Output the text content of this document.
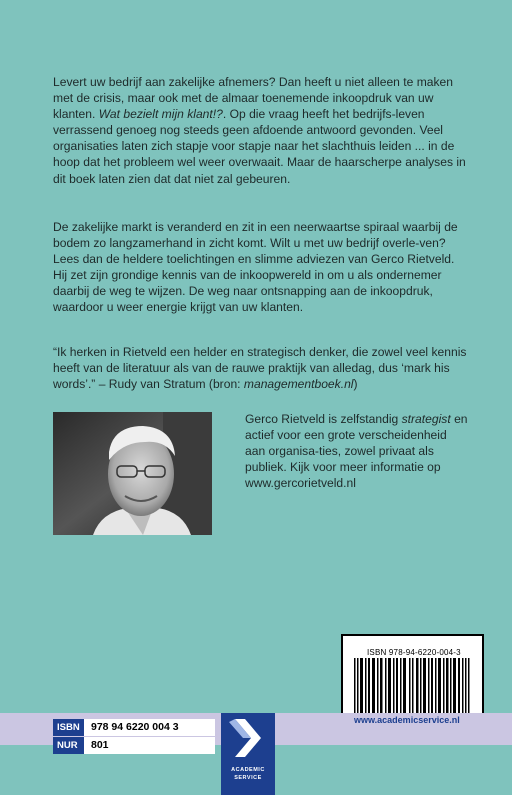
Levert uw bedrijf aan zakelijke afnemers? Dan heeft u niet alleen te maken met de crisis, maar ook met de almaar toenemende inkoopdruk van uw klanten. Wat bezielt mijn klant!?. Op die vraag heeft het bedrijfs-leven verrassend genoeg nog steeds geen afdoende antwoord gevonden. Veel organisaties laten zich stapje voor stapje naar het slachthuis leiden ... in de hoop dat het probleem wel weer overwaait. Maar de haarscherpe analyses in dit boek laten zien dat dat niet zal gebeuren.

De zakelijke markt is veranderd en zit in een neerwaartse spiraal waarbij de bodem zo langzamerhand in zicht komt. Wilt u met uw bedrijf overle-ven? Lees dan de heldere toelichtingen en slimme adviezen van Gerco Rietveld. Hij zet zijn grondige kennis van de inkoopwereld in om u als ondernemer daarbij de weg te wijzen. De weg naar ontsnapping aan de inkoopdruk, waardoor u weer energie krijgt van uw klanten.

“Ik herken in Rietveld een helder en strategisch denker, die zowel veel kennis heeft van de literatuur als van de rauwe praktijk van alledag, dus ‘mark his words’.” – Rudy van Stratum (bron: managementboek.nl)

Gerco Rietveld is zelfstandig strategist en actief voor een grote verscheidenheid aan organisa-ties, zowel privaat als publiek. Kijk voor meer informatie op www.gercorietveld.nl
ISBN 978-94-6220-004-3
ISBN
NUR
978 94 6220 004 3
801
ACADEMIC
SERVICE
www.academicservice.nl
